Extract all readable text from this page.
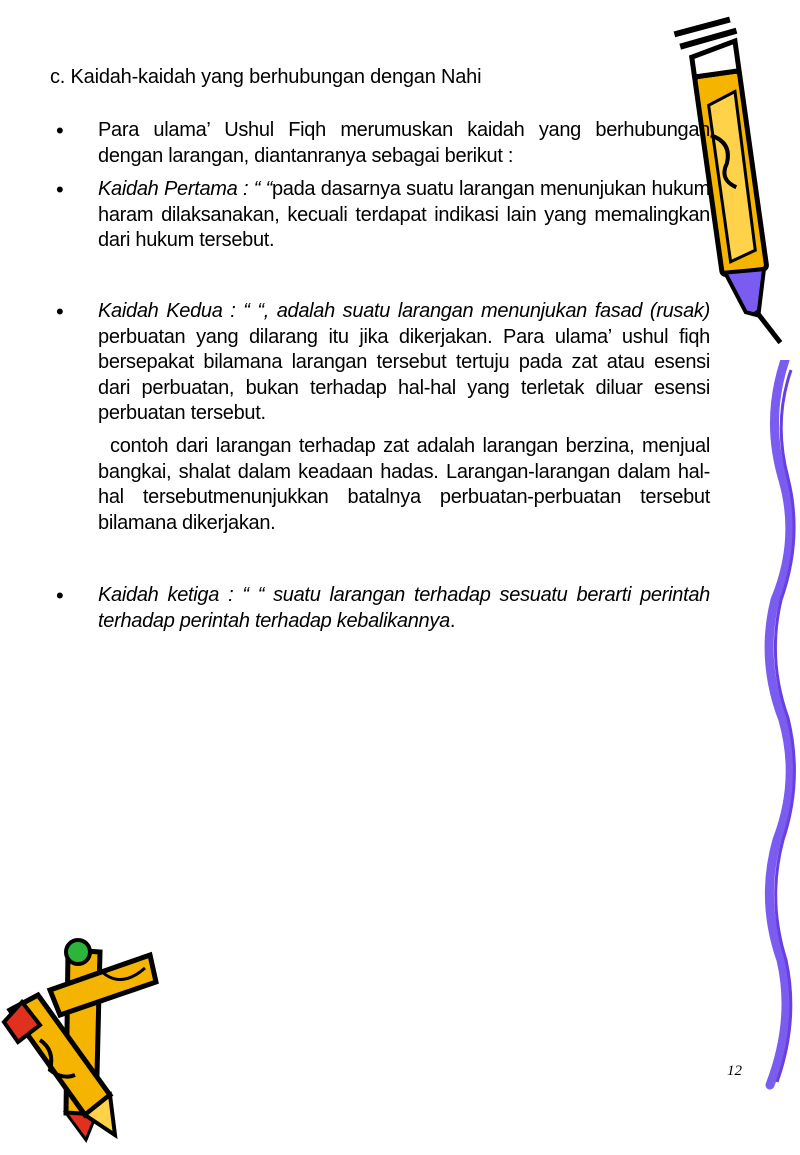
c. Kaidah-kaidah yang berhubungan dengan Nahi
• Para ulama’ Ushul Fiqh merumuskan kaidah yang berhubungan dengan larangan, diantanranya sebagai berikut :
• Kaidah Pertama : “ “pada dasarnya suatu larangan menunjukan hukum haram dilaksanakan, kecuali terdapat indikasi lain yang memalingkan dari hukum tersebut.
• Kaidah Kedua : “ “, adalah suatu larangan menunjukan fasad (rusak) perbuatan yang dilarang itu jika dikerjakan. Para ulama’ ushul fiqh bersepakat bilamana larangan tersebut tertuju pada zat atau esensi dari perbuatan, bukan terhadap hal-hal yang terletak diluar esensi perbuatan tersebut.
contoh dari larangan terhadap zat adalah larangan berzina, menjual bangkai, shalat dalam keadaan hadas. Larangan-larangan dalam hal-hal tersebutmenunjukkan batalnya perbuatan-perbuatan tersebut bilamana dikerjakan.
• Kaidah ketiga : “ “ suatu larangan terhadap sesuatu berarti perintah terhadap perintah terhadap kebalikannya.
12
